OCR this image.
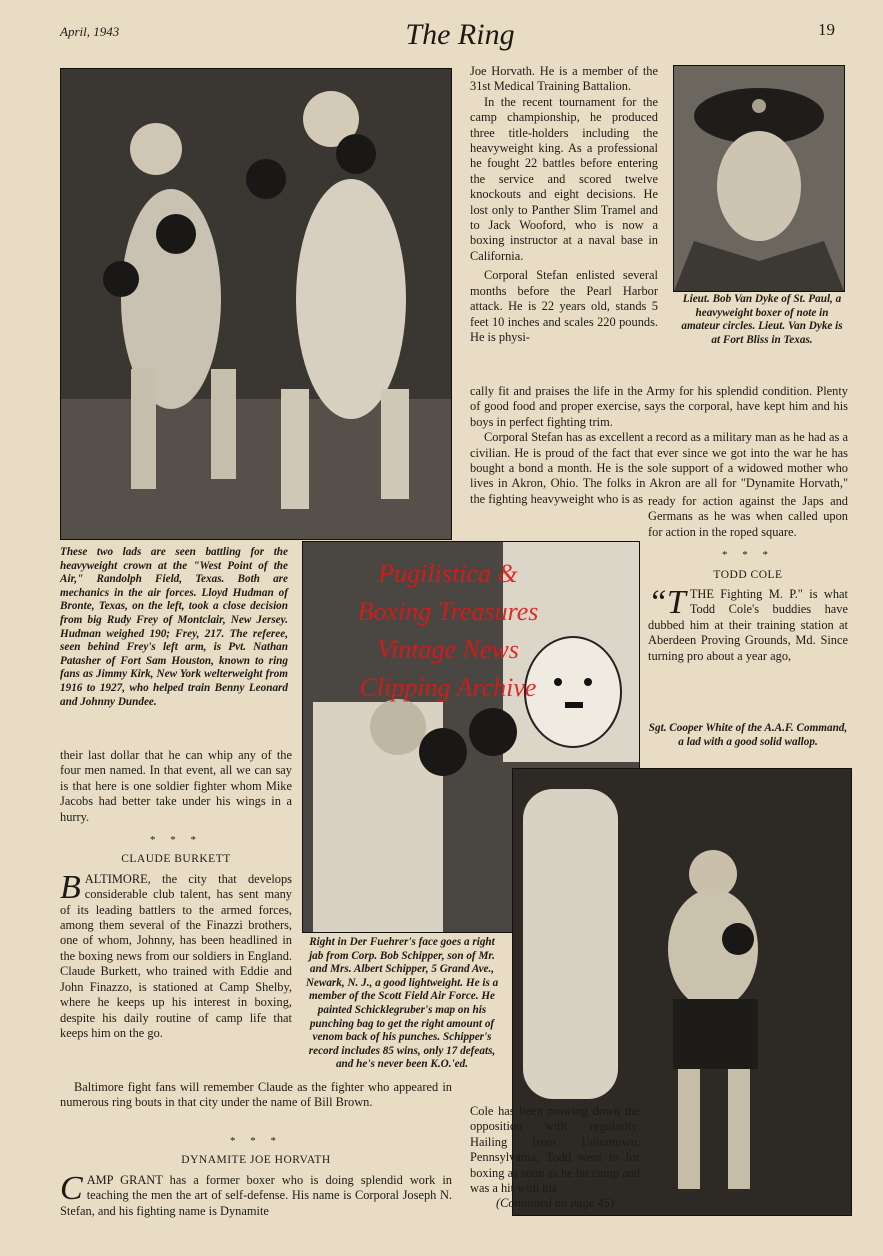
April, 1943	The Ring	19
Lieut. Bob Van Dyke of St. Paul, a heavyweight boxer of note in amateur circles. Lieut. Van Dyke is at Fort Bliss in Texas.

Joe Horvath. He is a member of the 31st Medical Training Battalion.

In the recent tournament for the camp championship, he produced three title-holders including the heavyweight king. As a professional he fought 22 battles before entering the service and scored twelve knockouts and eight decisions. He lost only to Panther Slim Tramel and to Jack Wooford, who is now a boxing instructor at a naval base in California.

Corporal Stefan enlisted several months before the Pearl Harbor attack. He is 22 years old, stands 5 feet 10 inches and scales 220 pounds. He is physi-

cally fit and praises the life in the Army for his splendid condition. Plenty of good food and proper exercise, says the corporal, have kept him and his boys in perfect fighting trim.

Corporal Stefan has as excellent a record as a military man as he had as a civilian. He is proud of the fact that ever since we got into the war he has bought a bond a month. He is the sole support of a widowed mother who lives in Akron, Ohio. The folks in Akron are all for "Dynamite Horvath," the fighting heavyweight who is as

These two lads are seen battling for the heavyweight crown at the "West Point of the Air," Randolph Field, Texas. Both are mechanics in the air forces. Lloyd Hudman of Bronte, Texas, on the left, took a close decision from big Rudy Frey of Montclair, New Jersey. Hudman weighed 190; Frey, 217. The referee, seen behind Frey's left arm, is Pvt. Nathan Patasher of Fort Sam Houston, known to ring fans as Jimmy Kirk, New York welterweight from 1916 to 1927, who helped train Benny Leonard and Johnny Dundee.

ready for action against the Japs and Germans as he was when called upon for action in the roped square.

* * *
TODD COLE

“TTHE Fighting M. P." is what Todd Cole's buddies have dubbed him at their training station at Aberdeen Proving Grounds, Md. Since turning pro about a year ago,

Sgt. Cooper White of the A.A.F. Command, a lad with a good solid wallop.

their last dollar that he can whip any of the four men named. In that event, all we can say is that here is one soldier fighter whom Mike Jacobs had better take under his wings in a hurry.

* * *
CLAUDE BURKETT

BALTIMORE, the city that develops considerable club talent, has sent many of its leading battlers to the armed forces, among them several of the Finazzi brothers, one of whom, Johnny, has been headlined in the boxing news from our soldiers in England. Claude Burkett, who trained with Eddie and John Finazzo, is stationed at Camp Shelby, where he keeps up his interest in boxing, despite his daily routine of camp life that keeps him on the go.

Baltimore fight fans will remember Claude as the fighter who appeared in numerous ring bouts in that city under the name of Bill Brown.

Right in Der Fuehrer's face goes a right jab from Corp. Bob Schipper, son of Mr. and Mrs. Albert Schipper, 5 Grand Ave., Newark, N. J., a good lightweight. He is a member of the Scott Field Air Force. He painted Schicklegruber's map on his punching bag to get the right amount of venom back of his punches. Schipper's record includes 85 wins, only 17 defeats, and he's never been K.O.'ed.
* * *
DYNAMITE JOE HORVATH

CAMP GRANT has a former boxer who is doing splendid work in teaching the men the art of self-defense. His name is Corporal Joseph N. Stefan, and his fighting name is Dynamite

Cole has been mowing down the opposition with regularity. Hailing from Uniontown, Pennsylvania, Todd went in for boxing as soon as he hit camp and was a hit with his

(Continued on page 45)

Pugilistica &
Boxing Treasures
Vintage News
Clipping Archive
